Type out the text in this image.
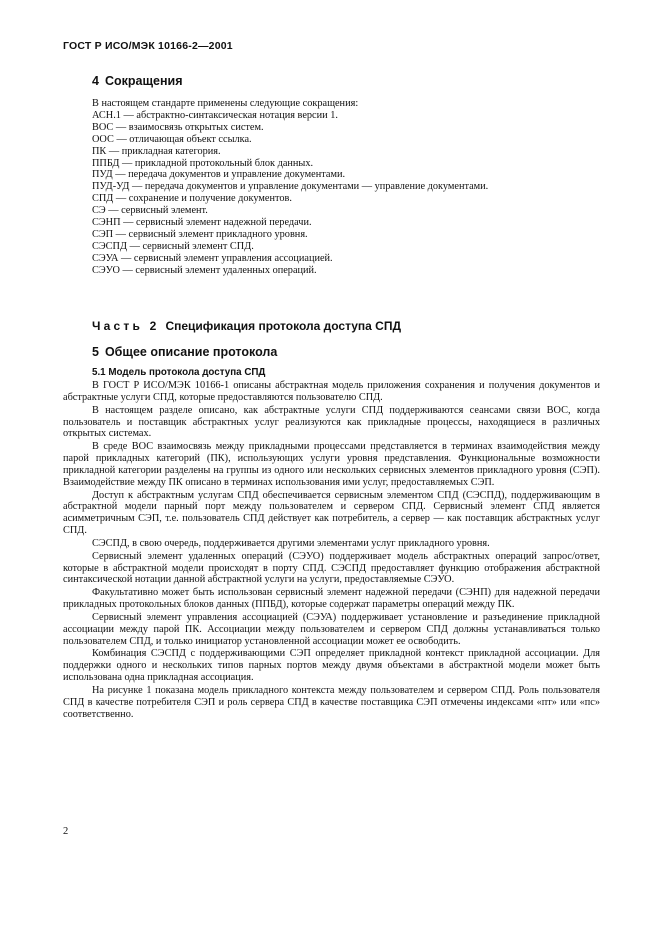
ГОСТ Р ИСО/МЭК 10166-2—2001
4 Сокращения
В настоящем стандарте применены следующие сокращения:
АСН.1 — абстрактно-синтаксическая нотация версии 1.
ВОС — взаимосвязь открытых систем.
ООС — отличающая объект ссылка.
ПК — прикладная категория.
ППБД — прикладной протокольный блок данных.
ПУД — передача документов и управление документами.
ПУД-УД — передача документов и управление документами — управление документами.
СПД — сохранение и получение документов.
СЭ — сервисный элемент.
СЭНП — сервисный элемент надежной передачи.
СЭП — сервисный элемент прикладного уровня.
СЭСПД — сервисный элемент СПД.
СЭУА — сервисный элемент управления ассоциацией.
СЭУО — сервисный элемент удаленных операций.
Часть 2 Спецификация протокола доступа СПД
5 Общее описание протокола
5.1 Модель протокола доступа СПД

В ГОСТ Р ИСО/МЭК 10166-1 описаны абстрактная модель приложения сохранения и получения документов и абстрактные услуги СПД, которые предоставляются пользователю СПД.

В настоящем разделе описано, как абстрактные услуги СПД поддерживаются сеансами связи ВОС, когда пользователь и поставщик абстрактных услуг реализуются как прикладные процессы, находящиеся в различных открытых системах.

В среде ВОС взаимосвязь между прикладными процессами представляется в терминах взаимодействия между парой прикладных категорий (ПК), использующих услуги уровня представления. Функциональные возможности прикладной категории разделены на группы из одного или нескольких сервисных элементов прикладного уровня (СЭП). Взаимодействие между ПК описано в терминах использования ими услуг, предоставляемых СЭП.

Доступ к абстрактным услугам СПД обеспечивается сервисным элементом СПД (СЭСПД), поддерживающим в абстрактной модели парный порт между пользователем и сервером СПД. Сервисный элемент СПД является асимметричным СЭП, т.е. пользователь СПД действует как потребитель, а сервер — как поставщик абстрактных услуг СПД.

СЭСПД, в свою очередь, поддерживается другими элементами услуг прикладного уровня.

Сервисный элемент удаленных операций (СЭУО) поддерживает модель абстрактных операций запрос/ответ, которые в абстрактной модели происходят в порту СПД. СЭСПД предоставляет функцию отображения абстрактной синтаксической нотации данной абстрактной услуги на услуги, предоставляемые СЭУО.

Факультативно может быть использован сервисный элемент надежной передачи (СЭНП) для надежной передачи прикладных протокольных блоков данных (ППБД), которые содержат параметры операций между ПК.

Сервисный элемент управления ассоциацией (СЭУА) поддерживает установление и разъединение прикладной ассоциации между парой ПК. Ассоциации между пользователем и сервером СПД должны устанавливаться только пользователем СПД, и только инициатор установленной ассоциации может ее освободить.

Комбинация СЭСПД с поддерживающими СЭП определяет прикладной контекст прикладной ассоциации. Для поддержки одного и нескольких типов парных портов между двумя объектами в абстрактной модели может быть использована одна прикладная ассоциация.

На рисунке 1 показана модель прикладного контекста между пользователем и сервером СПД. Роль пользователя СПД в качестве потребителя СЭП и роль сервера СПД в качестве поставщика СЭП отмечены индексами «пт» или «пс» соответственно.

2
